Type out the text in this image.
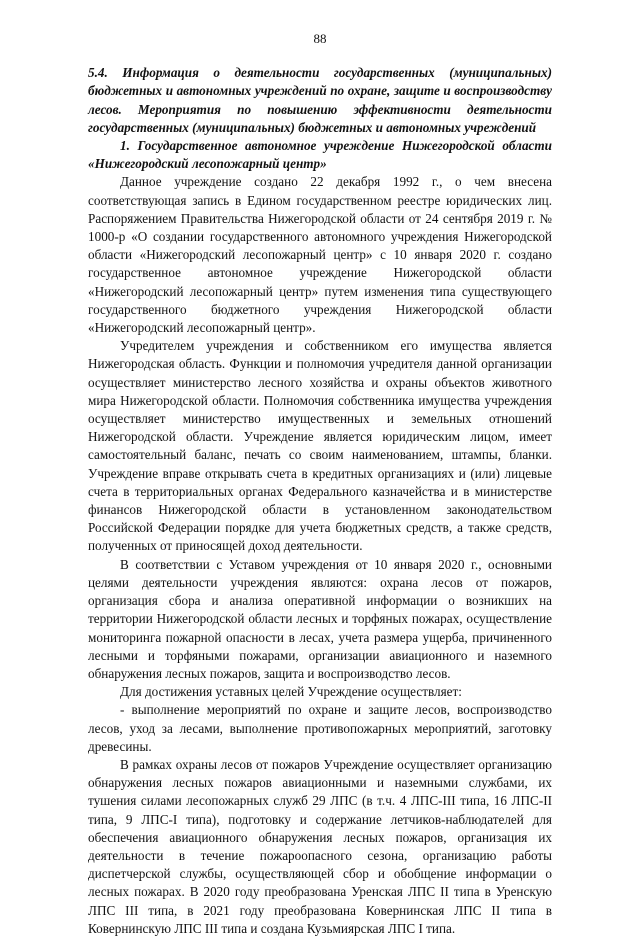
88

5.4. Информация о деятельности государственных (муниципальных) бюджетных и автономных учреждений по охране, защите и воспроизводству лесов. Мероприятия по повышению эффективности деятельности государственных (муниципальных) бюджетных и автономных учреждений

1. Государственное автономное учреждение Нижегородской области «Нижегородский лесопожарный центр»

Данное учреждение создано 22 декабря 1992 г., о чем внесена соответствующая запись в Едином государственном реестре юридических лиц. Распоряжением Правительства Нижегородской области от 24 сентября 2019 г. № 1000-р «О создании государственного автономного учреждения Нижегородской области «Нижегородский лесопожарный центр» с 10 января 2020 г. создано государственное автономное учреждение Нижегородской области «Нижегородский лесопожарный центр» путем изменения типа существующего государственного бюджетного учреждения Нижегородской области «Нижегородский лесопожарный центр».

Учредителем учреждения и собственником его имущества является Нижегородская область. Функции и полномочия учредителя данной организации осуществляет министерство лесного хозяйства и охраны объектов животного мира Нижегородской области. Полномочия собственника имущества учреждения осуществляет министерство имущественных и земельных отношений Нижегородской области. Учреждение является юридическим лицом, имеет самостоятельный баланс, печать со своим наименованием, штампы, бланки. Учреждение вправе открывать счета в кредитных организациях и (или) лицевые счета в территориальных органах Федерального казначейства и в министерстве финансов Нижегородской области в установленном законодательством Российской Федерации порядке для учета бюджетных средств, а также средств, полученных от приносящей доход деятельности.

В соответствии с Уставом учреждения от 10 января 2020 г., основными целями деятельности учреждения являются: охрана лесов от пожаров, организация сбора и анализа оперативной информации о возникших на территории Нижегородской области лесных и торфяных пожарах, осуществление мониторинга пожарной опасности в лесах, учета размера ущерба, причиненного лесными и торфяными пожарами, организации авиационного и наземного обнаружения лесных пожаров, защита и воспроизводство лесов.

Для достижения уставных целей Учреждение осуществляет:

- выполнение мероприятий по охране и защите лесов, воспроизводство лесов, уход за лесами, выполнение противопожарных мероприятий, заготовку древесины.

В рамках охраны лесов от пожаров Учреждение осуществляет организацию обнаружения лесных пожаров авиационными и наземными службами, их тушения силами лесопожарных служб 29 ЛПС (в т.ч. 4 ЛПС-III типа, 16 ЛПС-II типа, 9 ЛПС-I типа), подготовку и содержание летчиков-наблюдателей для обеспечения авиационного обнаружения лесных пожаров, организация их деятельности в течение пожароопасного сезона, организацию работы диспетчерской службы, осуществляющей сбор и обобщение информации о лесных пожарах. В 2020 году преобразована Уренская ЛПС II типа в Уренскую ЛПС III типа, в 2021 году преобразована Ковернинская ЛПС II типа в Ковернинскую ЛПС III типа и создана Кузьмиярская ЛПС I типа.
